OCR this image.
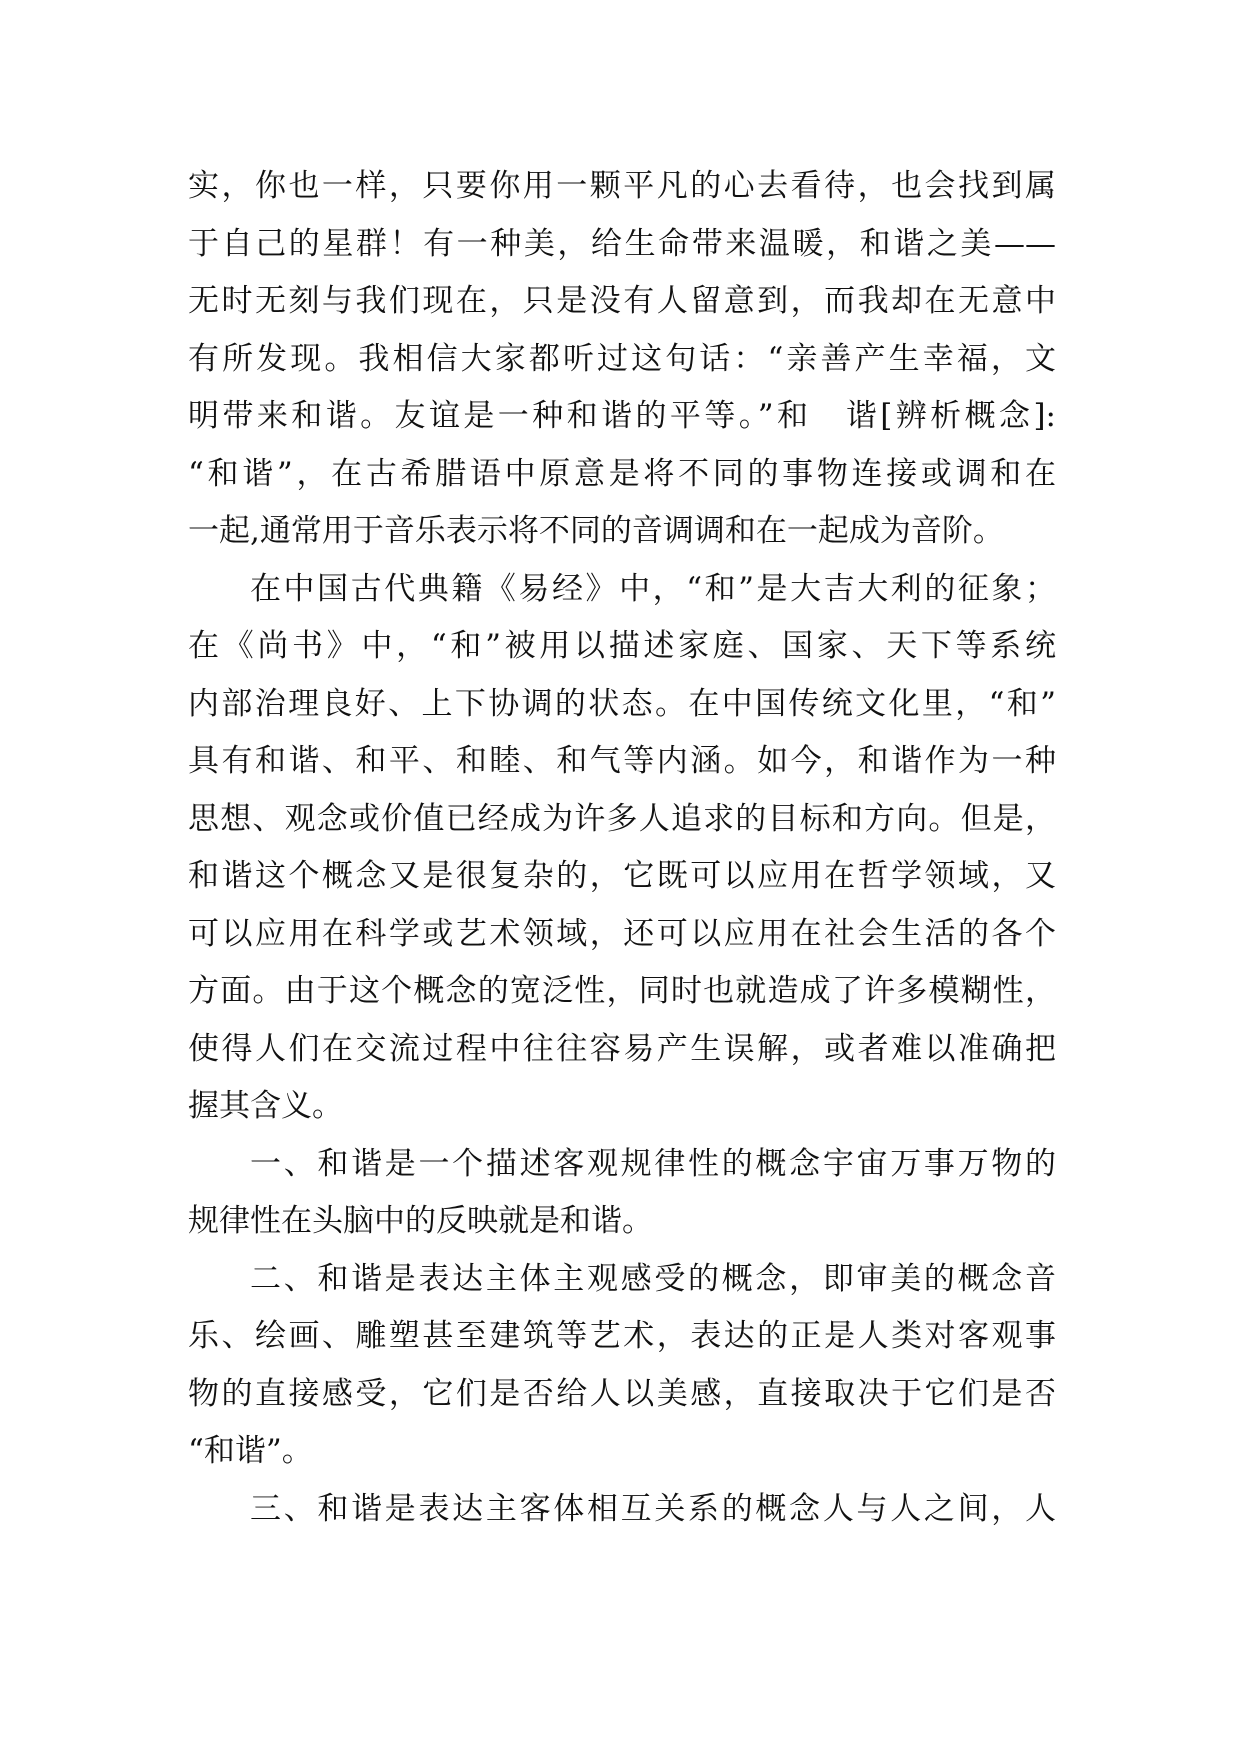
实，你也一样，只要你用一颗平凡的心去看待，也会找到属
于自己的星群！有一种美，给生命带来温暖，和谐之美——
无时无刻与我们现在，只是没有人留意到，而我却在无意中
有所发现。我相信大家都听过这句话：“亲善产生幸福，文
明带来和谐。友谊是一种和谐的平等。”和　谐[辨析概念]:
“和谐”，在古希腊语中原意是将不同的事物连接或调和在
一起,通常用于音乐表示将不同的音调调和在一起成为音阶。
在中国古代典籍《易经》中，“和”是大吉大利的征象；
在《尚书》中，“和”被用以描述家庭、国家、天下等系统
内部治理良好、上下协调的状态。在中国传统文化里，“和”
具有和谐、和平、和睦、和气等内涵。如今，和谐作为一种
思想、观念或价值已经成为许多人追求的目标和方向。但是，
和谐这个概念又是很复杂的，它既可以应用在哲学领域，又
可以应用在科学或艺术领域，还可以应用在社会生活的各个
方面。由于这个概念的宽泛性，同时也就造成了许多模糊性，
使得人们在交流过程中往往容易产生误解，或者难以准确把
握其含义。
一、和谐是一个描述客观规律性的概念宇宙万事万物的
规律性在头脑中的反映就是和谐。
二、和谐是表达主体主观感受的概念，即审美的概念音
乐、绘画、雕塑甚至建筑等艺术，表达的正是人类对客观事
物的直接感受，它们是否给人以美感，直接取决于它们是否
“和谐”。
三、和谐是表达主客体相互关系的概念人与人之间，人
